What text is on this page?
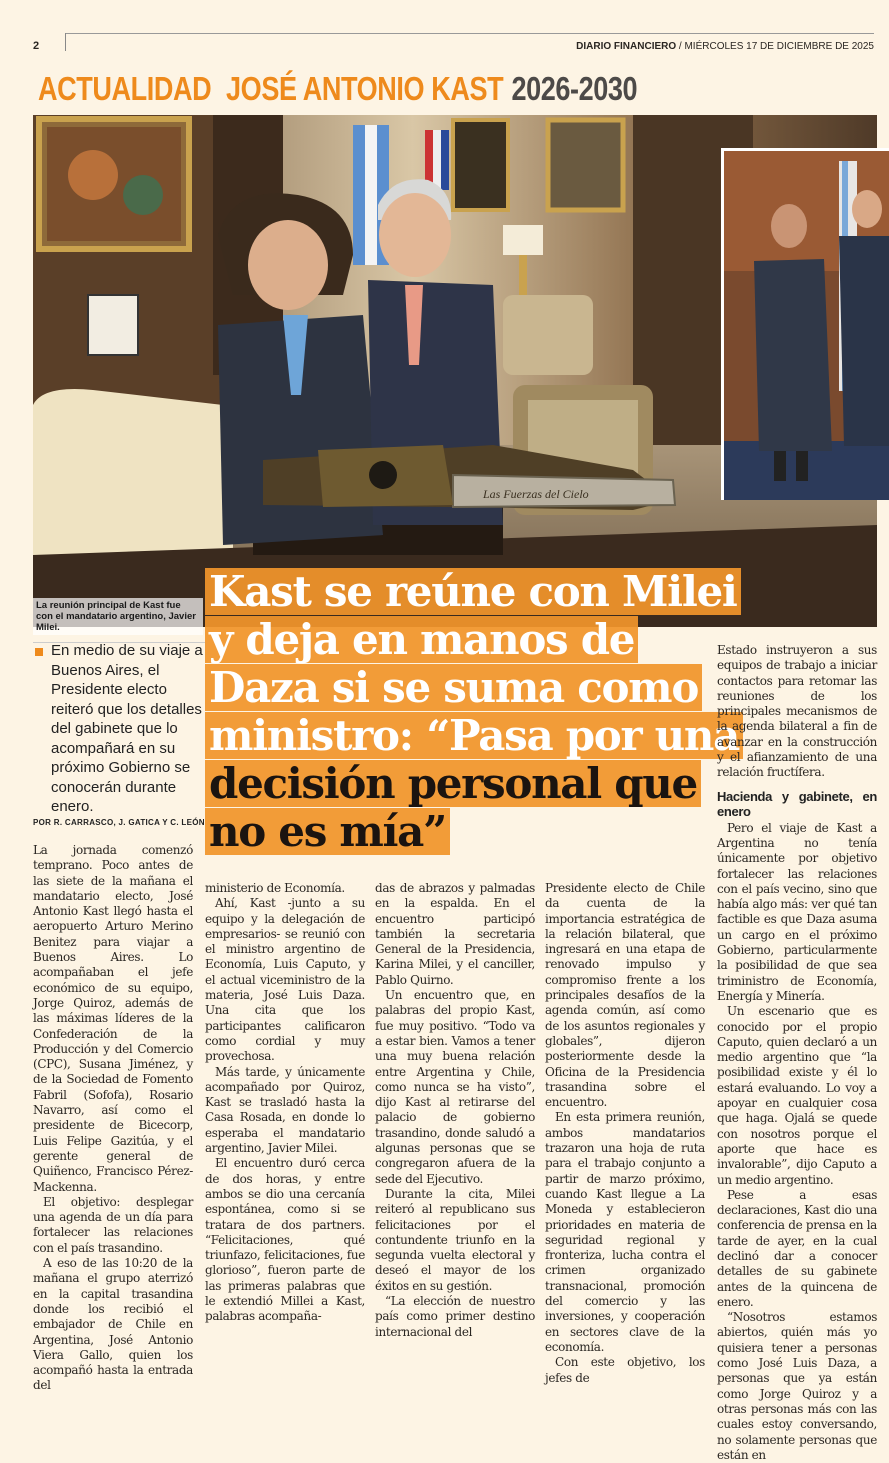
2	DIARIO FINANCIERO / MIÉRCOLES 17 DE DICIEMBRE DE 2025
ACTUALIDAD JOSÉ ANTONIO KAST 2026-2030
Las Fuerzas del Cielo
La reunión principal de Kast fue con el mandatario argentino, Javier Milei.
Kast se reúne con Milei
y deja en manos de
Daza si se suma como
ministro: “Pasa por una
decisión personal que
no es mía”
En medio de su viaje a Buenos Aires, el Presidente electo reiteró que los detalles del gabinete que lo acompañará en su próximo Gobierno se conocerán durante enero.
POR R. CARRASCO, J. GATICA Y C. LEÓN

La jornada comenzó temprano. Poco antes de las siete de la mañana el mandatario electo, José Antonio Kast llegó hasta el aeropuerto Arturo Merino Benitez para viajar a Buenos Aires. Lo acompañaban el jefe económico de su equipo, Jorge Quiroz, además de las máximas líderes de la Confederación de la Producción y del Comercio (CPC), Susana Jiménez, y de la Sociedad de Fomento Fabril (Sofofa), Rosario Navarro, así como el presidente de Bicecorp, Luis Felipe Gazitúa, y el gerente general de Quiñenco, Francisco Pérez-Mackenna.

El objetivo: desplegar una agenda de un día para fortalecer las relaciones con el país trasandino.

A eso de las 10:20 de la mañana el grupo aterrizó en la capital trasandina donde los recibió el embajador de Chile en Argentina, José Antonio Viera Gallo, quien los acompañó hasta la entrada del

ministerio de Economía.

Ahí, Kast -junto a su equipo y la delegación de empresarios- se reunió con el ministro argentino de Economía, Luis Caputo, y el actual viceministro de la materia, José Luis Daza. Una cita que los participantes calificaron como cordial y muy provechosa.

Más tarde, y únicamente acompañado por Quiroz, Kast se trasladó hasta la Casa Rosada, en donde lo esperaba el mandatario argentino, Javier Milei.

El encuentro duró cerca de dos horas, y entre ambos se dio una cercanía espontánea, como si se tratara de dos partners. “Felicitaciones, qué triunfazo, felicitaciones, fue glorioso”, fueron parte de las primeras palabras que le extendió Millei a Kast, palabras acompaña-

das de abrazos y palmadas en la espalda. En el encuentro participó también la secretaria General de la Presidencia, Karina Milei, y el canciller, Pablo Quirno.

Un encuentro que, en palabras del propio Kast, fue muy positivo. “Todo va a estar bien. Vamos a tener una muy buena relación entre Argentina y Chile, como nunca se ha visto”, dijo Kast al retirarse del palacio de gobierno trasandino, donde saludó a algunas personas que se congregaron afuera de la sede del Ejecutivo.

Durante la cita, Milei reiteró al republicano sus felicitaciones por el contundente triunfo en la segunda vuelta electoral y deseó el mayor de los éxitos en su gestión.

“La elección de nuestro país como primer destino internacional del

Presidente electo de Chile da cuenta de la importancia estratégica de la relación bilateral, que ingresará en una etapa de renovado impulso y compromiso frente a los principales desafíos de la agenda común, así como de los asuntos regionales y globales”, dijeron posteriormente desde la Oficina de la Presidencia trasandina sobre el encuentro.

En esta primera reunión, ambos mandatarios trazaron una hoja de ruta para el trabajo conjunto a partir de marzo próximo, cuando Kast llegue a La Moneda y establecieron prioridades en materia de seguridad regional y fronteriza, lucha contra el crimen organizado transnacional, promoción del comercio y las inversiones, y cooperación en sectores clave de la economía.

Con este objetivo, los jefes de

Estado instruyeron a sus equipos de trabajo a iniciar contactos para retomar las reuniones de los principales mecanismos de la agenda bilateral a fin de avanzar en la construcción y el afianzamiento de una relación fructífera.

Hacienda y gabinete, en enero

Pero el viaje de Kast a Argentina no tenía únicamente por objetivo fortalecer las relaciones con el país vecino, sino que había algo más: ver qué tan factible es que Daza asuma un cargo en el próximo Gobierno, particularmente la posibilidad de que sea triministro de Economía, Energía y Minería.

Un escenario que es conocido por el propio Caputo, quien declaró a un medio argentino que “la posibilidad existe y él lo estará evaluando. Lo voy a apoyar en cualquier cosa que haga. Ojalá se quede con nosotros porque el aporte que hace es invalorable”, dijo Caputo a un medio argentino.

Pese a esas declaraciones, Kast dio una conferencia de prensa en la tarde de ayer, en la cual declinó dar a conocer detalles de su gabinete antes de la quincena de enero.

“Nosotros estamos abiertos, quién más yo quisiera tener a personas como José Luis Daza, a personas que ya están como Jorge Quiroz y a otras personas más con las cuales estoy conversando, no solamente personas que están en
